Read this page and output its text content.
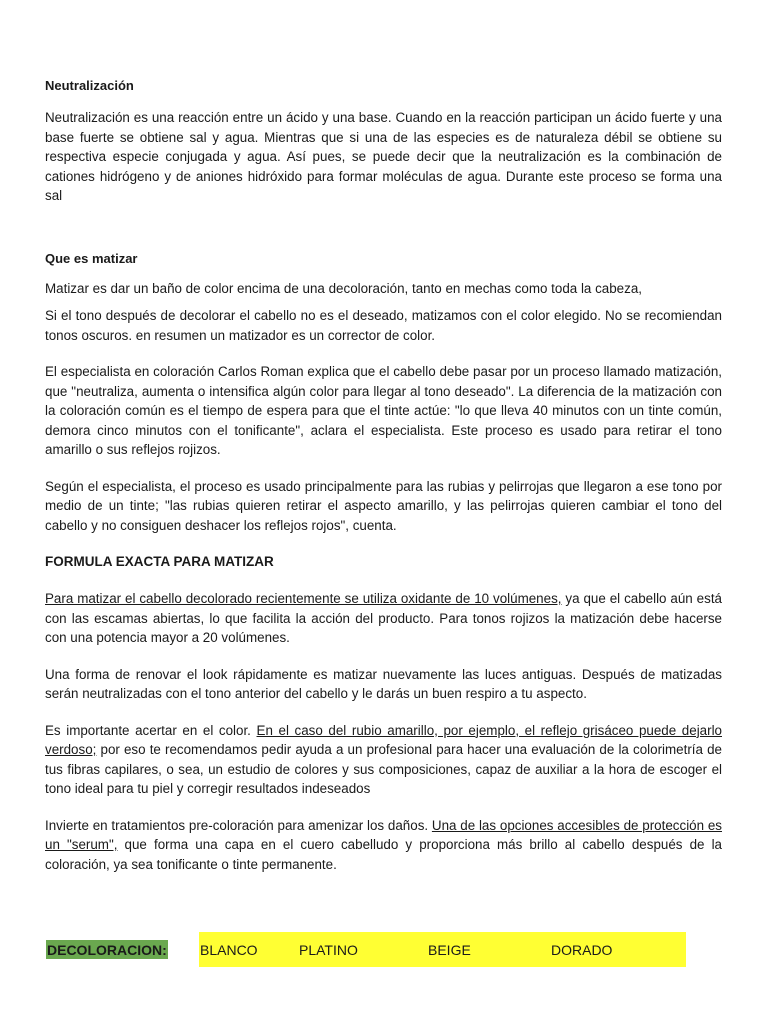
Neutralización

Neutralización es una reacción entre un ácido y una base. Cuando en la reacción participan un ácido fuerte y una base fuerte se obtiene sal y agua. Mientras que si una de las especies es de naturaleza débil se obtiene su respectiva especie conjugada y agua. Así pues, se puede decir que la neutralización es la combinación de cationes hidrógeno y de aniones hidróxido para formar moléculas de agua. Durante este proceso se forma una sal

Que es matizar

Matizar es dar un baño de color encima de una decoloración, tanto en mechas como toda la cabeza,

Si el tono después de decolorar el cabello no es el deseado, matizamos con el color elegido. No se recomiendan tonos oscuros. en resumen un matizador es un corrector de color.

El especialista en coloración Carlos Roman explica que el cabello debe pasar por un proceso llamado matización, que "neutraliza, aumenta o intensifica algún color para llegar al tono deseado". La diferencia de la matización con la coloración común es el tiempo de espera para que el tinte actúe: "lo que lleva 40 minutos con un tinte común, demora cinco minutos con el tonificante", aclara el especialista. Este proceso es usado para retirar el tono amarillo o sus reflejos rojizos.

Según el especialista, el proceso es usado principalmente para las rubias y pelirrojas que llegaron a ese tono por medio de un tinte; "las rubias quieren retirar el aspecto amarillo, y las pelirrojas quieren cambiar el tono del cabello y no consiguen deshacer los reflejos rojos", cuenta.

FORMULA EXACTA PARA MATIZAR

Para matizar el cabello decolorado recientemente se utiliza oxidante de 10 volúmenes, ya que el cabello aún está con las escamas abiertas, lo que facilita la acción del producto. Para tonos rojizos la matización debe hacerse con una potencia mayor a 20 volúmenes.

Una forma de renovar el look rápidamente es matizar nuevamente las luces antiguas. Después de matizadas serán neutralizadas con el tono anterior del cabello y le darás un buen respiro a tu aspecto.

Es importante acertar en el color. En el caso del rubio amarillo, por ejemplo, el reflejo grisáceo puede dejarlo verdoso; por eso te recomendamos pedir ayuda a un profesional para hacer una evaluación de la colorimetría de tus fibras capilares, o sea, un estudio de colores y sus composiciones, capaz de auxiliar a la hora de escoger el tono ideal para tu piel y corregir resultados indeseados

Invierte en tratamientos pre-coloración para amenizar los daños. Una de las opciones accesibles de protección es un "serum", que forma una capa en el cuero cabelludo y proporciona más brillo al cabello después de la coloración, ya sea tonificante o tinte permanente.

DECOLORACION:	BLANCO	PLATINO	BEIGE	DORADO
